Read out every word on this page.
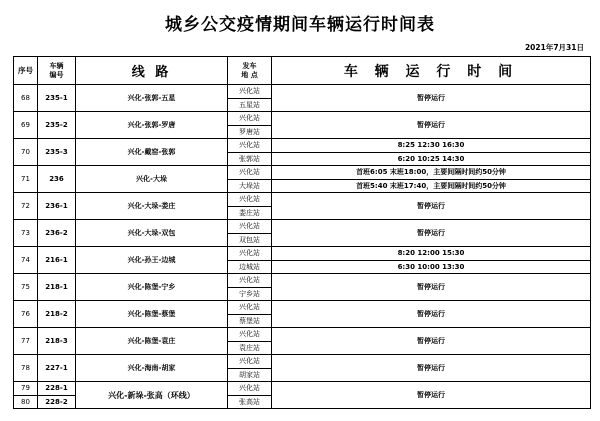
城乡公交疫情期间车辆运行时间表
2021年7月31日
序号	车辆
编号	线 路	发车
地 点	车 辆 运 行 时 间
68	235-1	兴化-张郭-五星	兴化站	暂停运行
			五星站	
69	235-2	兴化-张郭-罗唐	兴化站	暂停运行
			罗唐站	
70	235-3	兴化-戴窑-张郭	兴化站	8:25 12:30 16:30
			张郭站	6:20 10:25 14:30
71	236	兴化-大垛	兴化站	首班6:05 末班18:00，主要间隔时间约50分钟
			大垛站	首班5:40 末班17:40，主要间隔时间约50分钟
72	236-1	兴化-大垛-娄庄	兴化站	暂停运行
			娄庄站	
73	236-2	兴化-大垛-双包	兴化站	暂停运行
			双包站	
74	216-1	兴化-孙王-边城	兴化站	8:20 12:00 15:30
			边城站	6:30 10:00 13:30
75	218-1	兴化-陈堡-宁乡	兴化站	暂停运行
			宁乡站	
76	218-2	兴化-陈堡-蔡堡	兴化站	暂停运行
			蔡堡站	
77	218-3	兴化-陈堡-袁庄	兴化站	暂停运行
			袁庄站	
78	227-1	兴化-海南-胡家	兴化站	暂停运行
			胡家站	
79	228-1	兴化-新垛-张高（环线）	兴化站	暂停运行
80	228-2		张高站	
